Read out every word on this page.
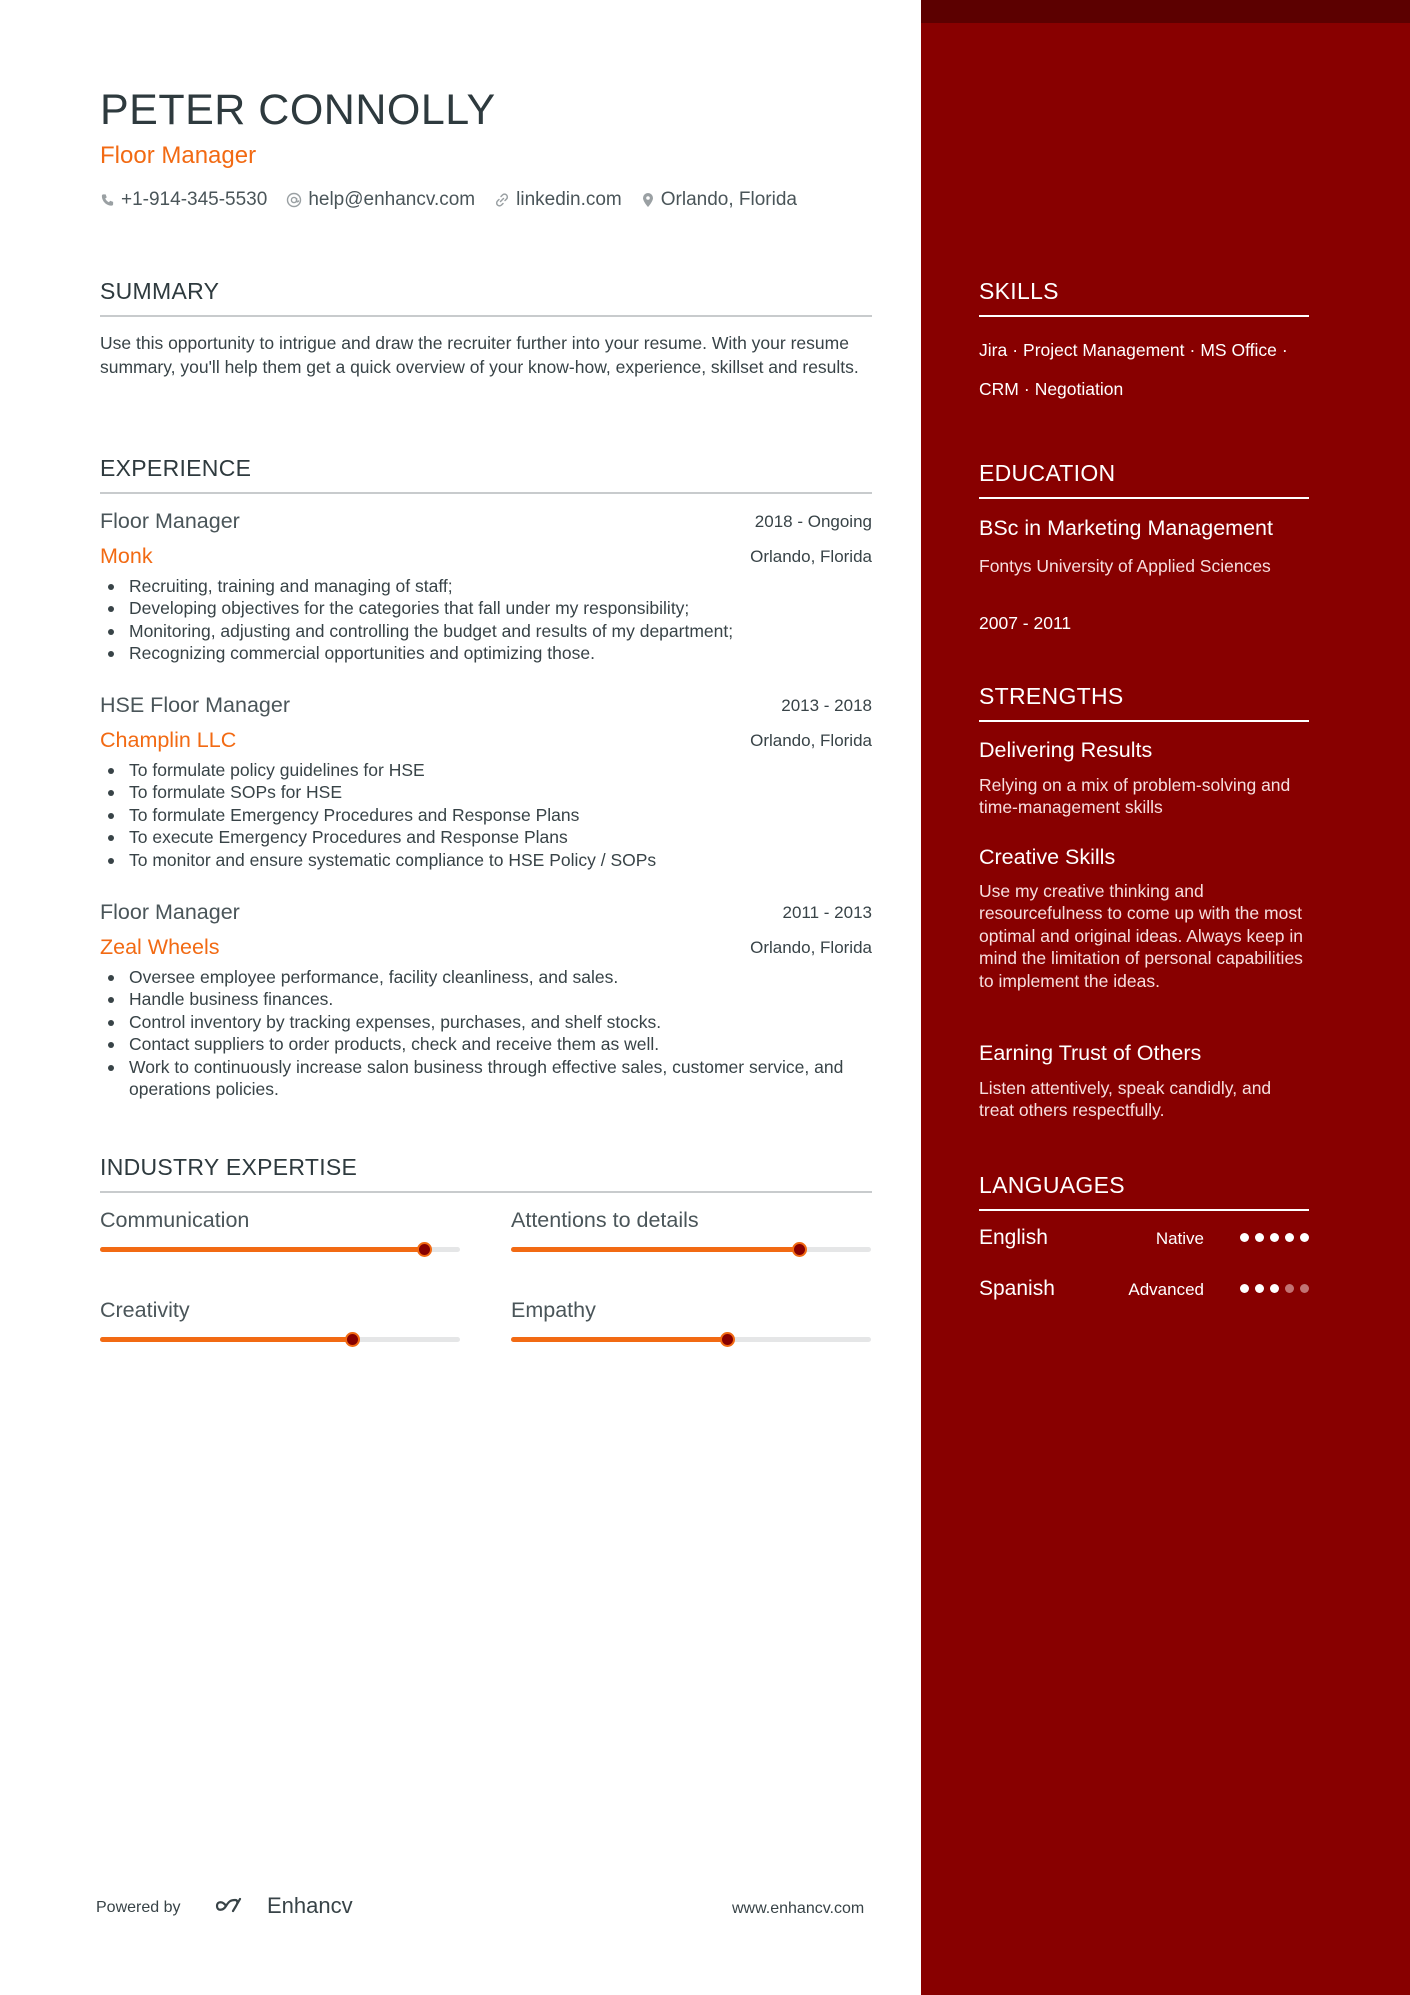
PETER CONNOLLY
Floor Manager
+1-914-345-5530 help@enhancv.com linkedin.com Orlando, Florida
SUMMARY
Use this opportunity to intrigue and draw the recruiter further into your resume. With your resume summary, you'll help them get a quick overview of your know-how, experience, skillset and results.
EXPERIENCE
Floor Manager	2018 - Ongoing
Monk	Orlando, Florida
Recruiting, training and managing of staff;
Developing objectives for the categories that fall under my responsibility;
Monitoring, adjusting and controlling the budget and results of my department;
Recognizing commercial opportunities and optimizing those.
HSE Floor Manager	2013 - 2018
Champlin LLC	Orlando, Florida
To formulate policy guidelines for HSE
To formulate SOPs for HSE
To formulate Emergency Procedures and Response Plans
To execute Emergency Procedures and Response Plans
To monitor and ensure systematic compliance to HSE Policy / SOPs
Floor Manager	2011 - 2013
Zeal Wheels	Orlando, Florida
Oversee employee performance, facility cleanliness, and sales.
Handle business finances.
Control inventory by tracking expenses, purchases, and shelf stocks.
Contact suppliers to order products, check and receive them as well.
Work to continuously increase salon business through effective sales, customer service, and operations policies.
INDUSTRY EXPERTISE
Communication	Attentions to details
Creativity	Empathy
Powered by	Enhancv	www.enhancv.com
SKILLS
Jira · Project Management · MS Office ·
CRM · Negotiation
EDUCATION
BSc in Marketing Management
Fontys University of Applied Sciences
2007 - 2011
STRENGTHS
Delivering Results
Relying on a mix of problem-solving and time-management skills
Creative Skills
Use my creative thinking and resourcefulness to come up with the most optimal and original ideas. Always keep in mind the limitation of personal capabilities to implement the ideas.
Earning Trust of Others
Listen attentively, speak candidly, and treat others respectfully.
LANGUAGES
English	Native
Spanish	Advanced
